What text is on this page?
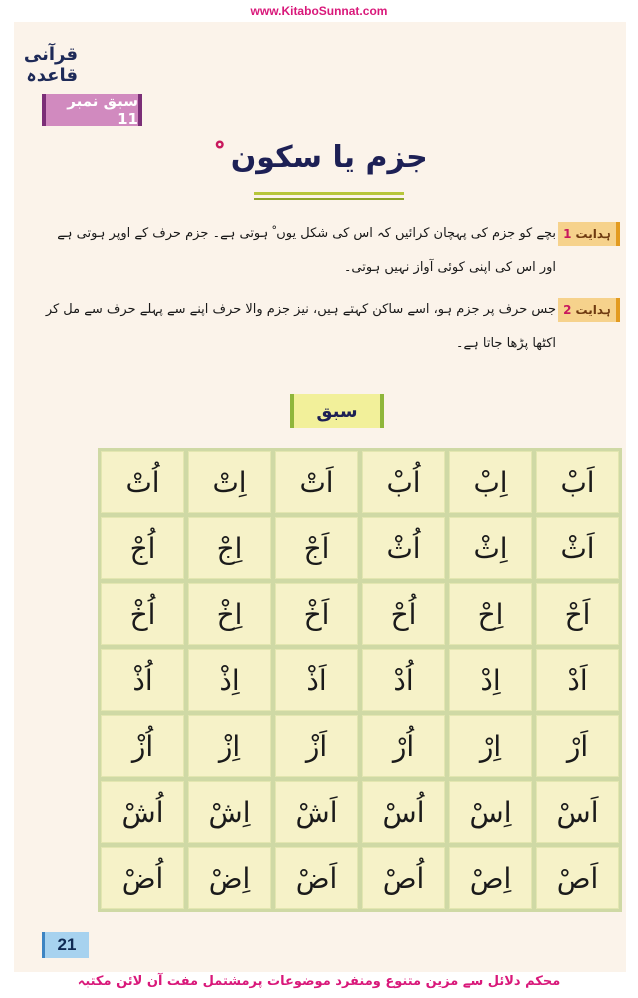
www.KitaboSunnat.com
قرآنی قاعدہ
سبق نمبر 11
جزم یا سکون
ہدایت
1
بچے کو جزم کی پہچان کرائیں کہ اس کی شکل یوں ْ ہوتی ہے۔ جزم حرف کے اوپر ہوتی ہے
اور اس کی اپنی کوئی آواز نہیں ہوتی۔
ہدایت
2
جس حرف پر جزم ہو، اسے ساکن کہتے ہیں، نیز جزم والا حرف اپنے سے پہلے حرف سے مل کر
اکٹھا پڑھا جاتا ہے۔
سبق
اُتْ	اِتْ	اَتْ	اُبْ	اِبْ	اَبْ
اُجْ	اِجْ	اَجْ	اُثْ	اِثْ	اَثْ
اُخْ	اِخْ	اَخْ	اُحْ	اِحْ	اَحْ
اُذْ	اِذْ	اَذْ	اُدْ	اِدْ	اَدْ
اُزْ	اِزْ	اَزْ	اُرْ	اِرْ	اَرْ
اُشْ	اِشْ	اَشْ	اُسْ	اِسْ	اَسْ
اُضْ	اِضْ	اَضْ	اُصْ	اِصْ	اَصْ
21
محکم دلائل سے مزین متنوع ومنفرد موضوعات پرمشتمل مفت آن لائن مکتبہ
